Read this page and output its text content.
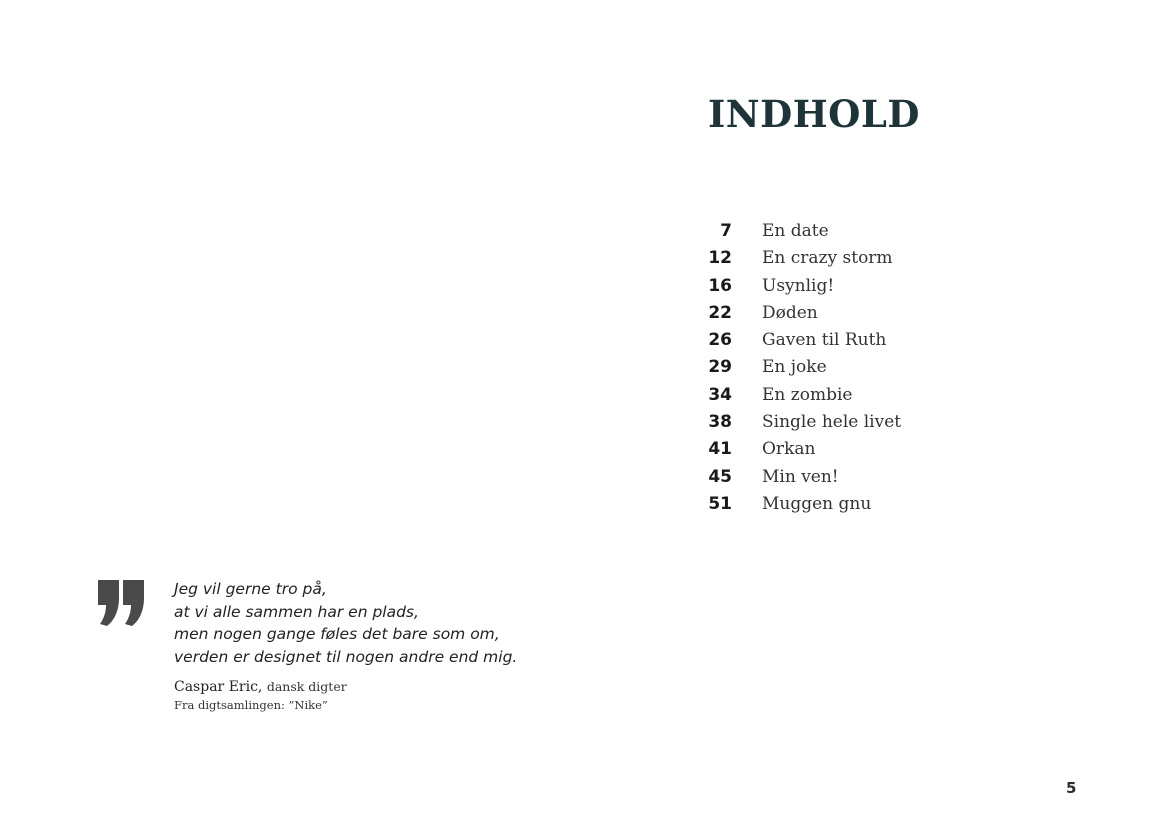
INDHOLD
7 En date
12 En crazy storm
16 Usynlig!
22 Døden
26 Gaven til Ruth
29 En joke
34 En zombie
38 Single hele livet
41 Orkan
45 Min ven!
51 Muggen gnu
Jeg vil gerne tro på,
at vi alle sammen har en plads,
men nogen gange føles det bare som om,
verden er designet til nogen andre end mig.
Caspar Eric, dansk digter
Fra digtsamlingen: ”Nike”
5
